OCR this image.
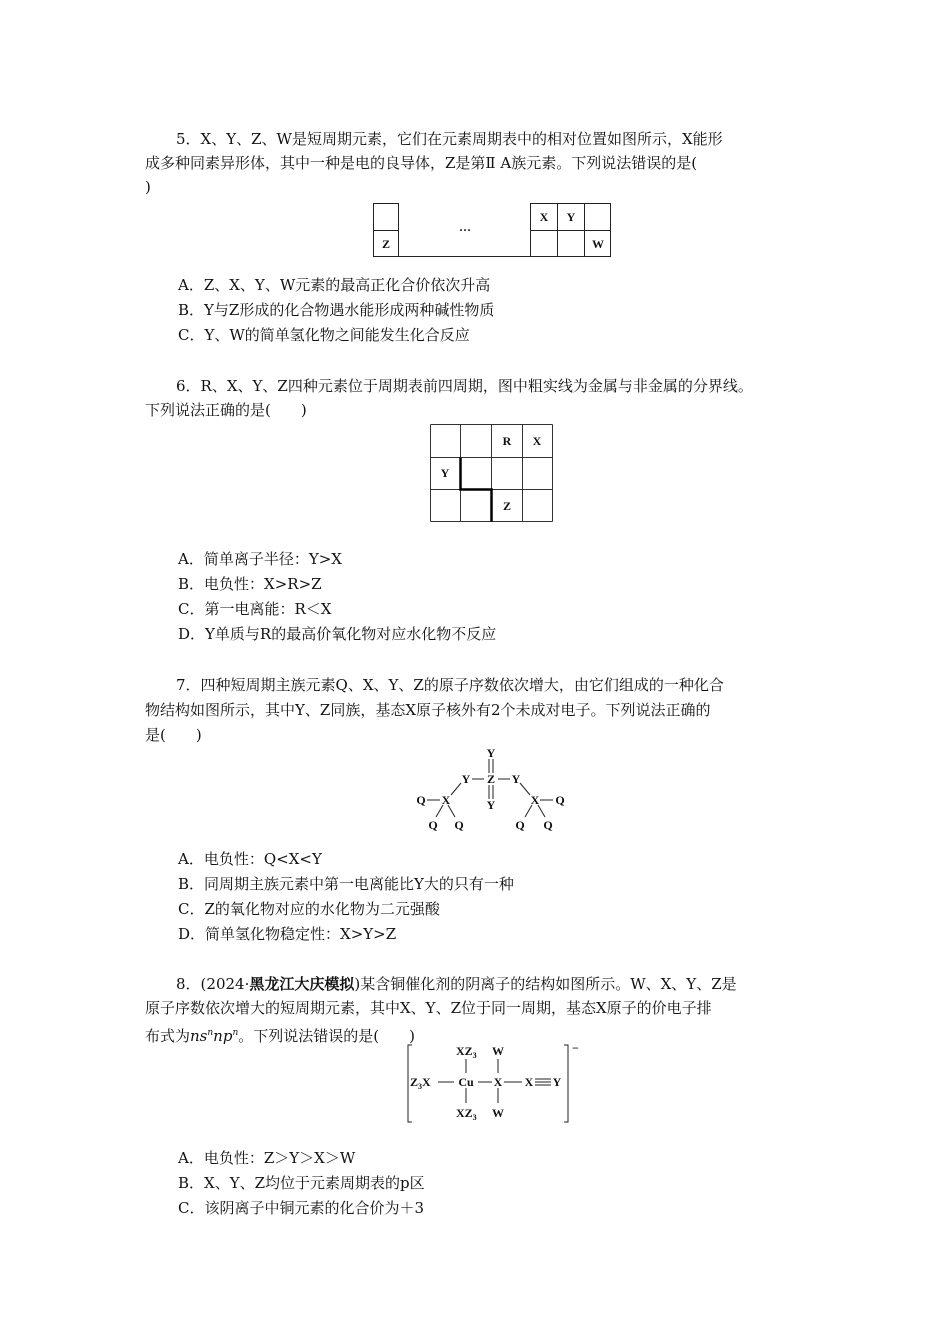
5．X、Y、Z、W是短周期元素，它们在元素周期表中的相对位置如图所示，X能形
成多种同素异形体，其中一种是电的良导体，Z是第Ⅱ A族元素。下列说法错误的是(
)
Z
···
X Y
W
A．Z、X、Y、W元素的最高正化合价依次升高
B．Y与Z形成的化合物遇水能形成两种碱性物质
C．Y、W的简单氢化物之间能发生化合反应
6．R、X、Y、Z四种元素位于周期表前四周期，图中粗实线为金属与非金属的分界线。
下列说法正确的是(　　)
R X
Y
Z
A．简单离子半径：Y>X
B．电负性：X>R>Z
C．第一电离能：R＜X
D．Y单质与R的最高价氧化物对应水化物不反应
7．四种短周期主族元素Q、X、Y、Z的原子序数依次增大，由它们组成的一种化合
物结构如图所示，其中Y、Z同族，基态X原子核外有2个未成对电子。下列说法正确的
是(　　)
Y
Z
Y
Y	Y
X	X
Q
Q Q
Q
Q Q
A．电负性：Q<X<Y
B．同周期主族元素中第一电离能比Y大的只有一种
C．Z的氧化物对应的水化物为二元强酸
D．简单氢化物稳定性：X>Y>Z
8．(2024·黑龙江大庆模拟)某含铜催化剂的阴离子的结构如图所示。W、X、Y、Z是
原子序数依次增大的短周期元素，其中X、Y、Z位于同一周期，基态X原子的价电子排
布式为$ns^nnp^n$。下列说法错误的是(　　)
$XZ_3$ W
$Z_3X$ Cu X X Y
$XZ_3$ W
−
A．电负性：Z＞Y＞X＞W
B．X、Y、Z均位于元素周期表的p区
C．该阴离子中铜元素的化合价为＋3
